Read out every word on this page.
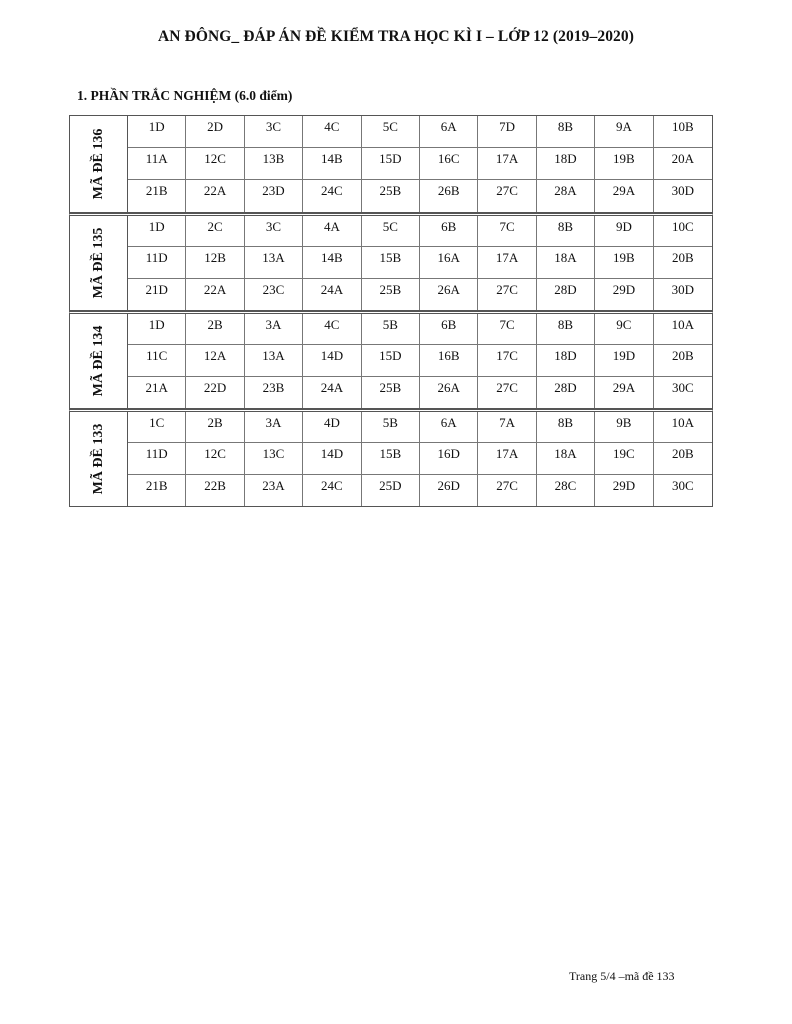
AN ĐÔNG_ ĐÁP ÁN ĐỀ KIỂM TRA HỌC KÌ I – LỚP 12 (2019–2020)
1. PHẦN TRẮC NGHIỆM (6.0 điểm)
MÃ ĐỀ 136
1D	2D	3C	4C	5C	6A	7D	8B	9A	10B
11A	12C	13B	14B	15D	16C	17A	18D	19B	20A
21B	22A	23D	24C	25B	26B	27C	28A	29A	30D
MÃ ĐỀ 135
1D	2C	3C	4A	5C	6B	7C	8B	9D	10C
11D	12B	13A	14B	15B	16A	17A	18A	19B	20B
21D	22A	23C	24A	25B	26A	27C	28D	29D	30D
MÃ ĐỀ 134
1D	2B	3A	4C	5B	6B	7C	8B	9C	10A
11C	12A	13A	14D	15D	16B	17C	18D	19D	20B
21A	22D	23B	24A	25B	26A	27C	28D	29A	30C
MÃ ĐỀ 133
1C	2B	3A	4D	5B	6A	7A	8B	9B	10A
11D	12C	13C	14D	15B	16D	17A	18A	19C	20B
21B	22B	23A	24C	25D	26D	27C	28C	29D	30C
Trang 5/4 –mã đề 133
